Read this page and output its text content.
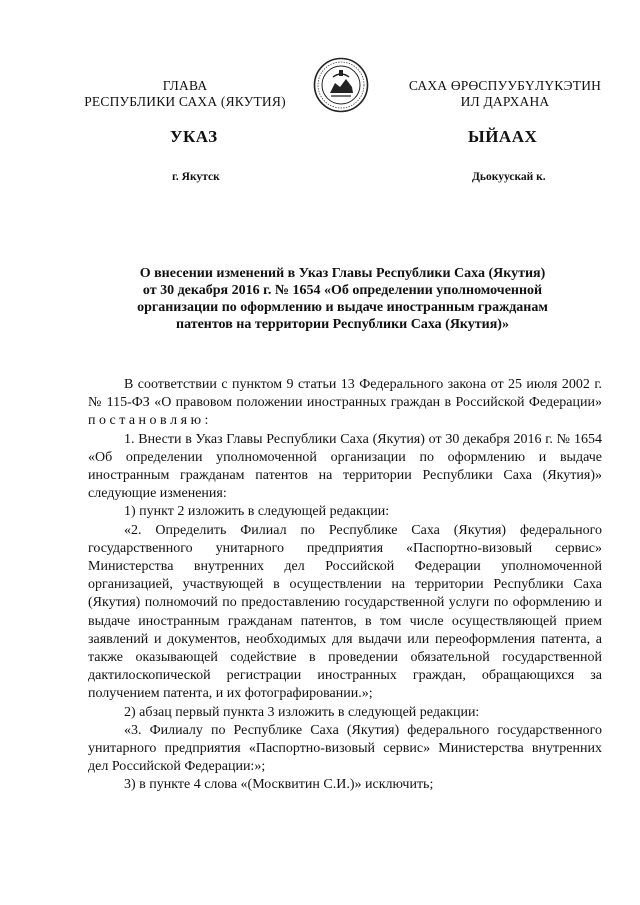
ГЛАВА
РЕСПУБЛИКИ САХА (ЯКУТИЯ)
САХА ӨРӨСПУУБҮЛҮКЭТИН
ИЛ ДАРХАНА
УКАЗ	ЫЙААХ
г. Якутск	Дьокуускай к.
О внесении изменений в Указ Главы Республики Саха (Якутия)
от 30 декабря 2016 г. № 1654 «Об определении уполномоченной
организации по оформлению и выдаче иностранным гражданам
патентов на территории Республики Саха (Якутия)»

В соответствии с пунктом 9 статьи 13 Федерального закона от 25 июля 2002 г. № 115-ФЗ «О правовом положении иностранных граждан в Российской Федерации» п о с т а н о в л я ю :

1. Внести в Указ Главы Республики Саха (Якутия) от 30 декабря 2016 г. № 1654 «Об определении уполномоченной организации по оформлению и выдаче иностранным гражданам патентов на территории Республики Саха (Якутия)» следующие изменения:

1) пункт 2 изложить в следующей редакции:

«2. Определить Филиал по Республике Саха (Якутия) федерального государственного унитарного предприятия «Паспортно-визовый сервис» Министерства внутренних дел Российской Федерации уполномоченной организацией, участвующей в осуществлении на территории Республики Саха (Якутия) полномочий по предоставлению государственной услуги по оформлению и выдаче иностранным гражданам патентов, в том числе осуществляющей прием заявлений и документов, необходимых для выдачи или переоформления патента, а также оказывающей содействие в проведении обязательной государственной дактилоскопической регистрации иностранных граждан, обращающихся за получением патента, и их фотографировании.»;

2) абзац первый пункта 3 изложить в следующей редакции:

«3. Филиалу по Республике Саха (Якутия) федерального государственного унитарного предприятия «Паспортно-визовый сервис» Министерства внутренних дел Российской Федерации:»;

3) в пункте 4 слова «(Москвитин С.И.)» исключить;
